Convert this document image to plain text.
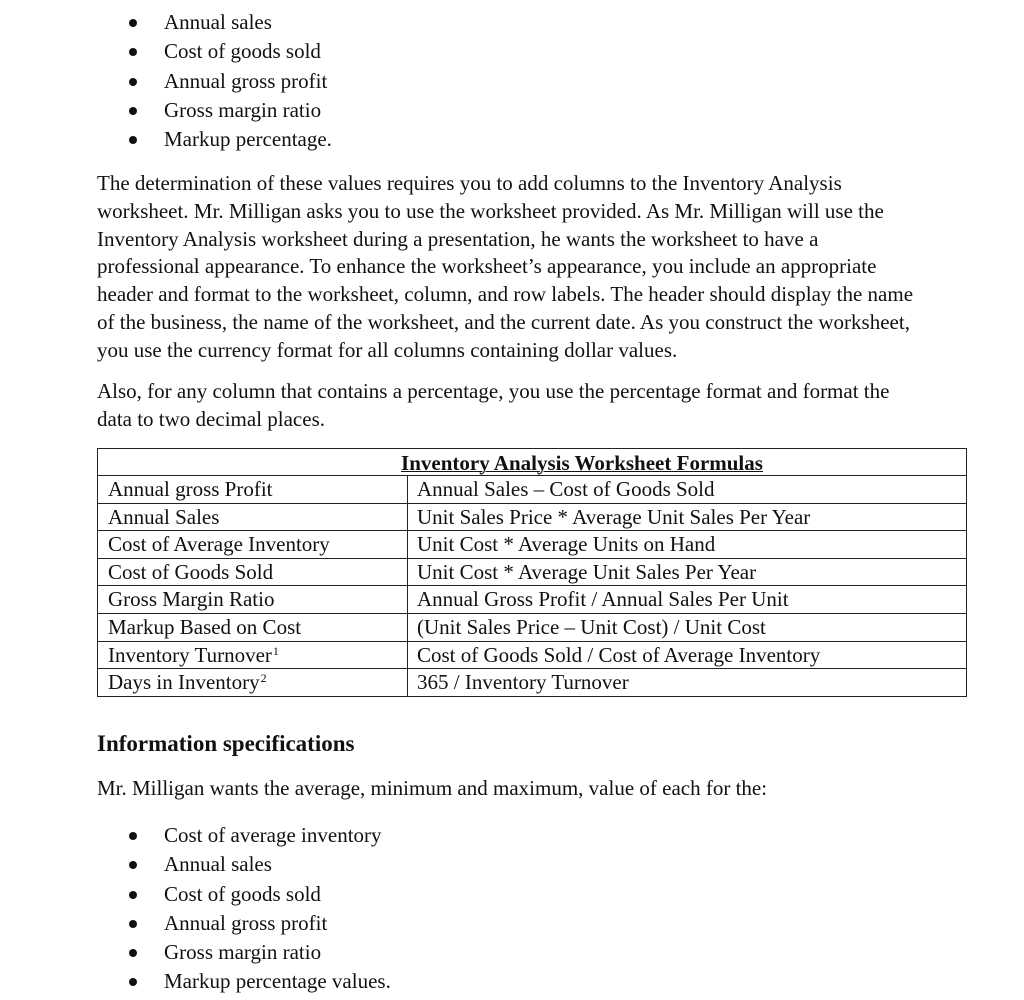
Annual sales
Cost of goods sold
Annual gross profit
Gross margin ratio
Markup percentage.

The determination of these values requires you to add columns to the Inventory Analysis
worksheet. Mr. Milligan asks you to use the worksheet provided. As Mr. Milligan will use the
Inventory Analysis worksheet during a presentation, he wants the worksheet to have a
professional appearance. To enhance the worksheet’s appearance, you include an appropriate
header and format to the worksheet, column, and row labels. The header should display the name
of the business, the name of the worksheet, and the current date. As you construct the worksheet,
you use the currency format for all columns containing dollar values.

Also, for any column that contains a percentage, you use the percentage format and format the
data to two decimal places.

Inventory Analysis Worksheet Formulas
Annual gross Profit	Annual Sales – Cost of Goods Sold
Annual Sales	Unit Sales Price * Average Unit Sales Per Year
Cost of Average Inventory	Unit Cost * Average Units on Hand
Cost of Goods Sold	Unit Cost * Average Unit Sales Per Year
Gross Margin Ratio	Annual Gross Profit / Annual Sales Per Unit
Markup Based on Cost	(Unit Sales Price – Unit Cost) / Unit Cost
Inventory Turnover$^1$	Cost of Goods Sold / Cost of Average Inventory
Days in Inventory$^2$	365 / Inventory Turnover
Information specifications

Mr. Milligan wants the average, minimum and maximum, value of each for the:

Cost of average inventory
Annual sales
Cost of goods sold
Annual gross profit
Gross margin ratio
Markup percentage values.
